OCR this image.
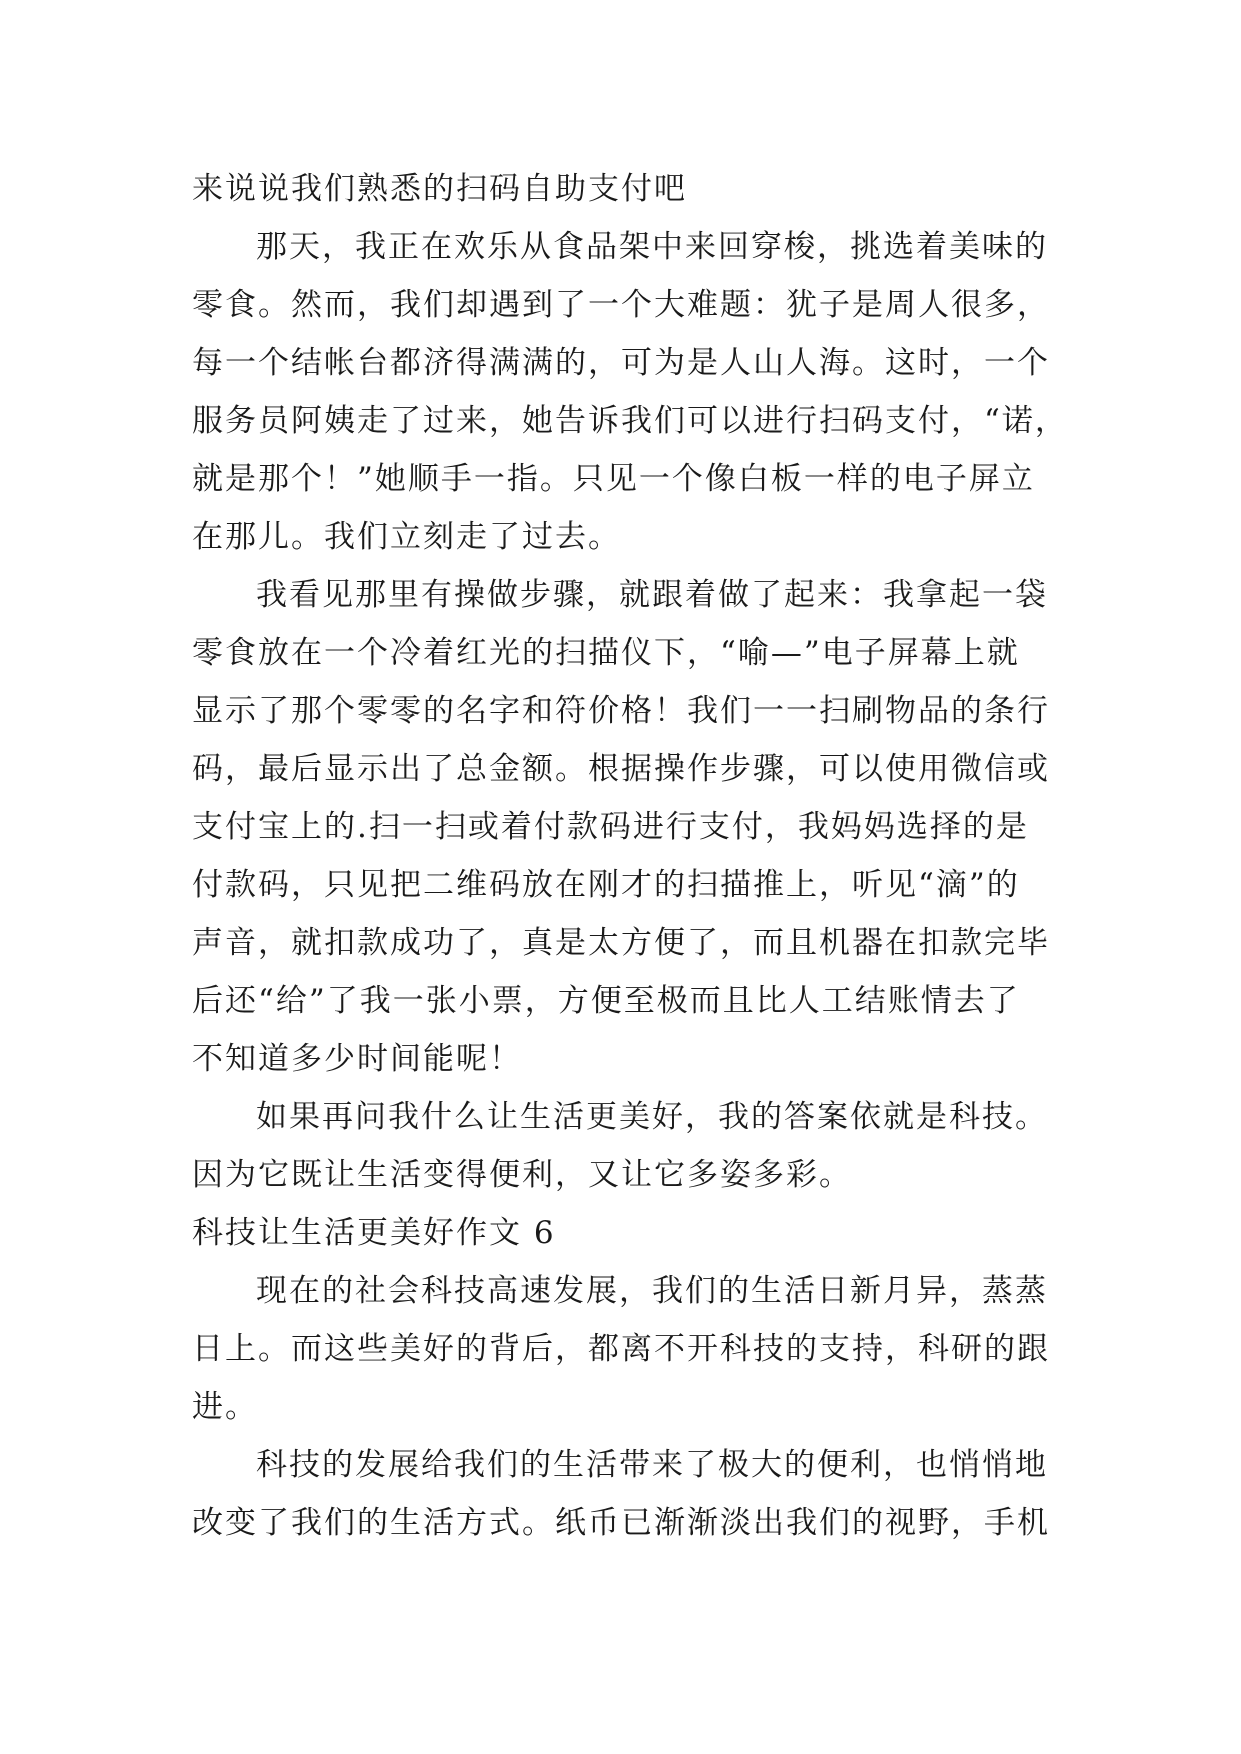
来说说我们熟悉的扫码自助支付吧
那天，我正在欢乐从食品架中来回穿梭，挑选着美味的
零食。然而，我们却遇到了一个大难题：犹子是周人很多，
每一个结帐台都济得满满的，可为是人山人海。这时，一个
服务员阿姨走了过来，她告诉我们可以进行扫码支付，“诺，
就是那个！”她顺手一指。只见一个像白板一样的电子屏立
在那儿。我们立刻走了过去。
我看见那里有操做步骤，就跟着做了起来：我拿起一袋
零食放在一个冷着红光的扫描仪下，“喻—”电子屏幕上就
显示了那个零零的名字和符价格！我们一一扫刷物品的条行
码，最后显示出了总金额。根据操作步骤，可以使用微信或
支付宝上的.扫一扫或着付款码进行支付，我妈妈选择的是
付款码，只见把二维码放在刚才的扫描推上，听见“滴”的
声音，就扣款成功了，真是太方便了，而且机器在扣款完毕
后还“给”了我一张小票，方便至极而且比人工结账情去了
不知道多少时间能呢！
如果再问我什么让生活更美好，我的答案依就是科技。
因为它既让生活变得便利，又让它多姿多彩。
科技让生活更美好作文 6
现在的社会科技高速发展，我们的生活日新月异，蒸蒸
日上。而这些美好的背后，都离不开科技的支持，科研的跟
进。
科技的发展给我们的生活带来了极大的便利，也悄悄地
改变了我们的生活方式。纸币已渐渐淡出我们的视野，手机
